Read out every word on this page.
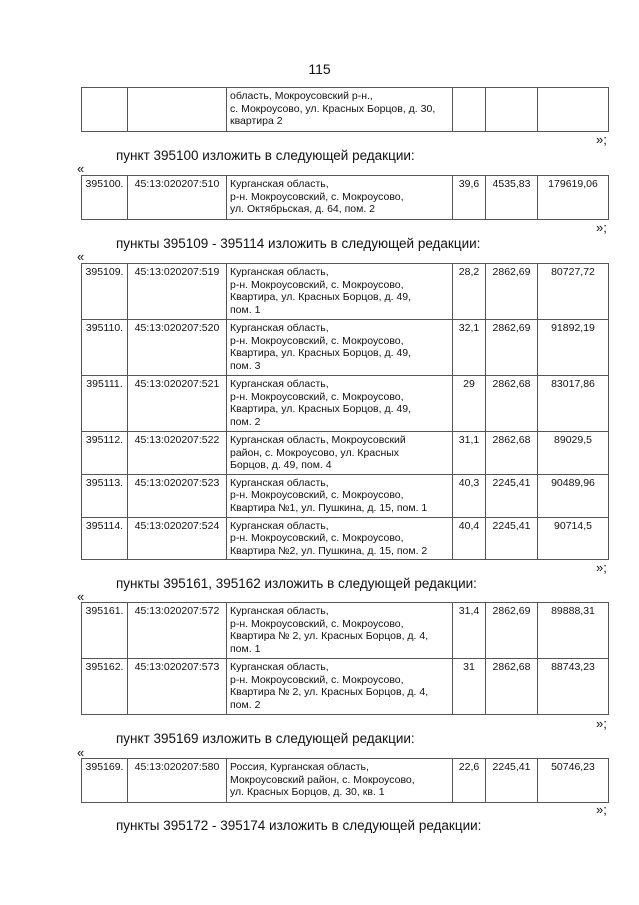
115
		область, Мокроусовский р-н.,
с. Мокроусово, ул. Красных Борцов, д. 30,
квартира 2			
»;
пункт 395100 изложить в следующей редакции:
«
395100.	45:13:020207:510	Курганская область,
р-н. Мокроусовский, с. Мокроусово,
ул. Октябрьская, д. 64, пом. 2	39,6	4535,83	179619,06
»;
пункты 395109 - 395114 изложить в следующей редакции:
«
395109.	45:13:020207:519	Курганская область,
р-н. Мокроусовский, с. Мокроусово,
Квартира, ул. Красных Борцов, д. 49,
пом. 1	28,2	2862,69	80727,72
395110.	45:13:020207:520	Курганская область,
р-н. Мокроусовский, с. Мокроусово,
Квартира, ул. Красных Борцов, д. 49,
пом. 3	32,1	2862,69	91892,19
395111.	45:13:020207:521	Курганская область,
р-н. Мокроусовский, с. Мокроусово,
Квартира, ул. Красных Борцов, д. 49,
пом. 2	29	2862,68	83017,86
395112.	45:13:020207:522	Курганская область, Мокроусовский
район, с. Мокроусово, ул. Красных
Борцов, д. 49, пом. 4	31,1	2862,68	89029,5
395113.	45:13:020207:523	Курганская область,
р-н. Мокроусовский, с. Мокроусово,
Квартира №1, ул. Пушкина, д. 15, пом. 1	40,3	2245,41	90489,96
395114.	45:13:020207:524	Курганская область,
р-н. Мокроусовский, с. Мокроусово,
Квартира №2, ул. Пушкина, д. 15, пом. 2	40,4	2245,41	90714,5
»;
пункты 395161, 395162 изложить в следующей редакции:
«
395161.	45:13:020207:572	Курганская область,
р-н. Мокроусовский, с. Мокроусово,
Квартира № 2, ул. Красных Борцов, д. 4,
пом. 1	31,4	2862,69	89888,31
395162.	45:13:020207:573	Курганская область,
р-н. Мокроусовский, с. Мокроусово,
Квартира № 2, ул. Красных Борцов, д. 4,
пом. 2	31	2862,68	88743,23
»;
пункт 395169 изложить в следующей редакции:
«
395169.	45:13:020207:580	Россия, Курганская область,
Мокроусовский район, с. Мокроусово,
ул. Красных Борцов, д. 30, кв. 1	22,6	2245,41	50746,23
»;
пункты 395172 - 395174 изложить в следующей редакции:
